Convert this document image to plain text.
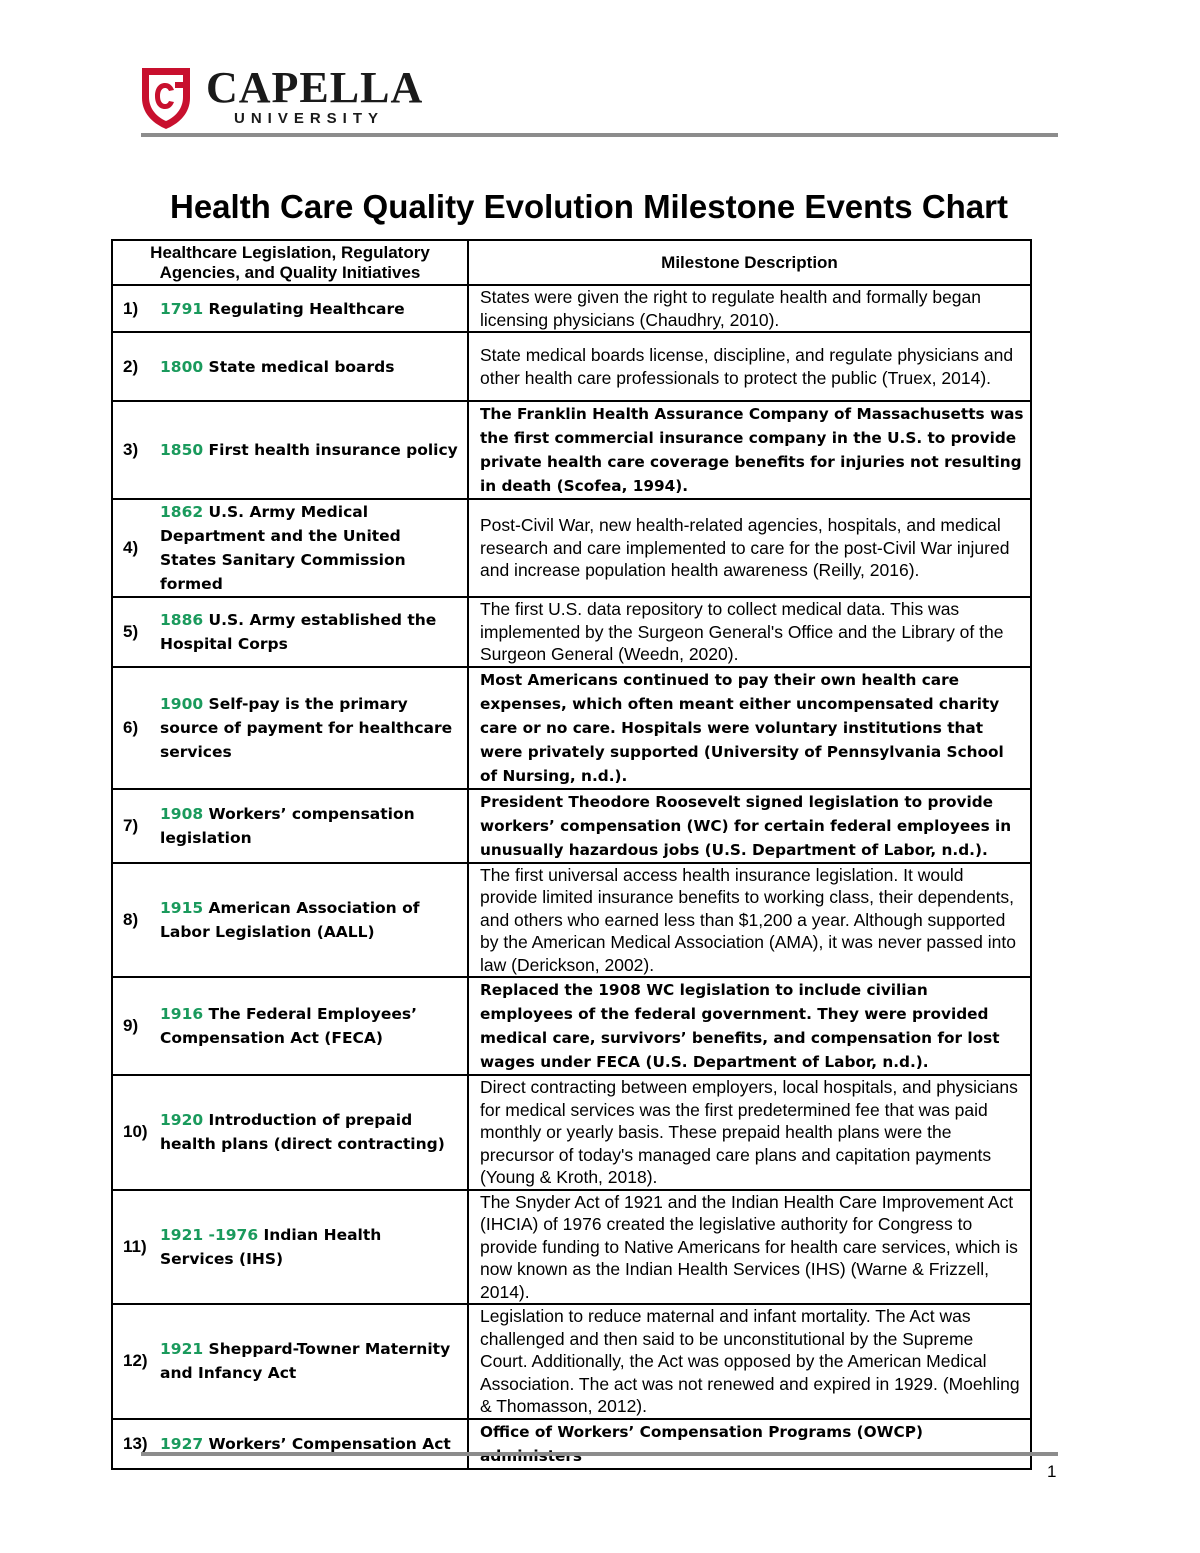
CAPELLA
UNIVERSITY
Health Care Quality Evolution Milestone Events Chart
Healthcare Legislation, Regulatory Agencies, and Quality Initiatives	Milestone Description

1) 1791 Regulating Healthcare	States were given the right to regulate health and formally began licensing physicians (Chaudhry, 2010).

2) 1800 State medical boards	State medical boards license, discipline, and regulate physicians and other health care professionals to protect the public (Truex, 2014).

3) 1850 First health insurance policy	The Franklin Health Assurance Company of Massachusetts was the first commercial insurance company in the U.S. to provide private health care coverage benefits for injuries not resulting in death (Scofea, 1994).

4)
1862 U.S. Army Medical Department and the United States Sanitary Commission formed	Post-Civil War, new health-related agencies, hospitals, and medical research and care implemented to care for the post-Civil War injured and increase population health awareness (Reilly, 2016).

5)
1886 U.S. Army established the Hospital Corps	The first U.S. data repository to collect medical data. This was implemented by the Surgeon General's Office and the Library of the Surgeon General (Weedn, 2020).

6)
1900 Self-pay is the primary source of payment for healthcare services	Most Americans continued to pay their own health care expenses, which often meant either uncompensated charity care or no care. Hospitals were voluntary institutions that were privately supported (University of Pennsylvania School of Nursing, n.d.).

7)
1908 Workers’ compensation legislation	President Theodore Roosevelt signed legislation to provide workers’ compensation (WC) for certain federal employees in unusually hazardous jobs (U.S. Department of Labor, n.d.).

8)
1915 American Association of Labor Legislation (AALL)	The first universal access health insurance legislation. It would provide limited insurance benefits to working class, their dependents, and others who earned less than $1,200 a year. Although supported by the American Medical Association (AMA), it was never passed into law (Derickson, 2002).

9)
1916 The Federal Employees’ Compensation Act (FECA)	Replaced the 1908 WC legislation to include civilian employees of the federal government. They were provided medical care, survivors’ benefits, and compensation for lost wages under FECA (U.S. Department of Labor, n.d.).

10)
1920 Introduction of prepaid health plans (direct contracting)	Direct contracting between employers, local hospitals, and physicians for medical services was the first predetermined fee that was paid monthly or yearly basis. These prepaid health plans were the precursor of today's managed care plans and capitation payments (Young & Kroth, 2018).

11)
1921 -1976 Indian Health Services (IHS)	The Snyder Act of 1921 and the Indian Health Care Improvement Act (IHCIA) of 1976 created the legislative authority for Congress to provide funding to Native Americans for health care services, which is now known as the Indian Health Services (IHS) (Warne & Frizzell, 2014).

12)
1921 Sheppard-Towner Maternity and Infancy Act	Legislation to reduce maternal and infant mortality. The Act was challenged and then said to be unconstitutional by the Supreme Court. Additionally, the Act was opposed by the American Medical Association. The act was not renewed and expired in 1929. (Moehling & Thomasson, 2012).

13) 1927 Workers’ Compensation Act	Office of Workers’ Compensation Programs (OWCP)
1
